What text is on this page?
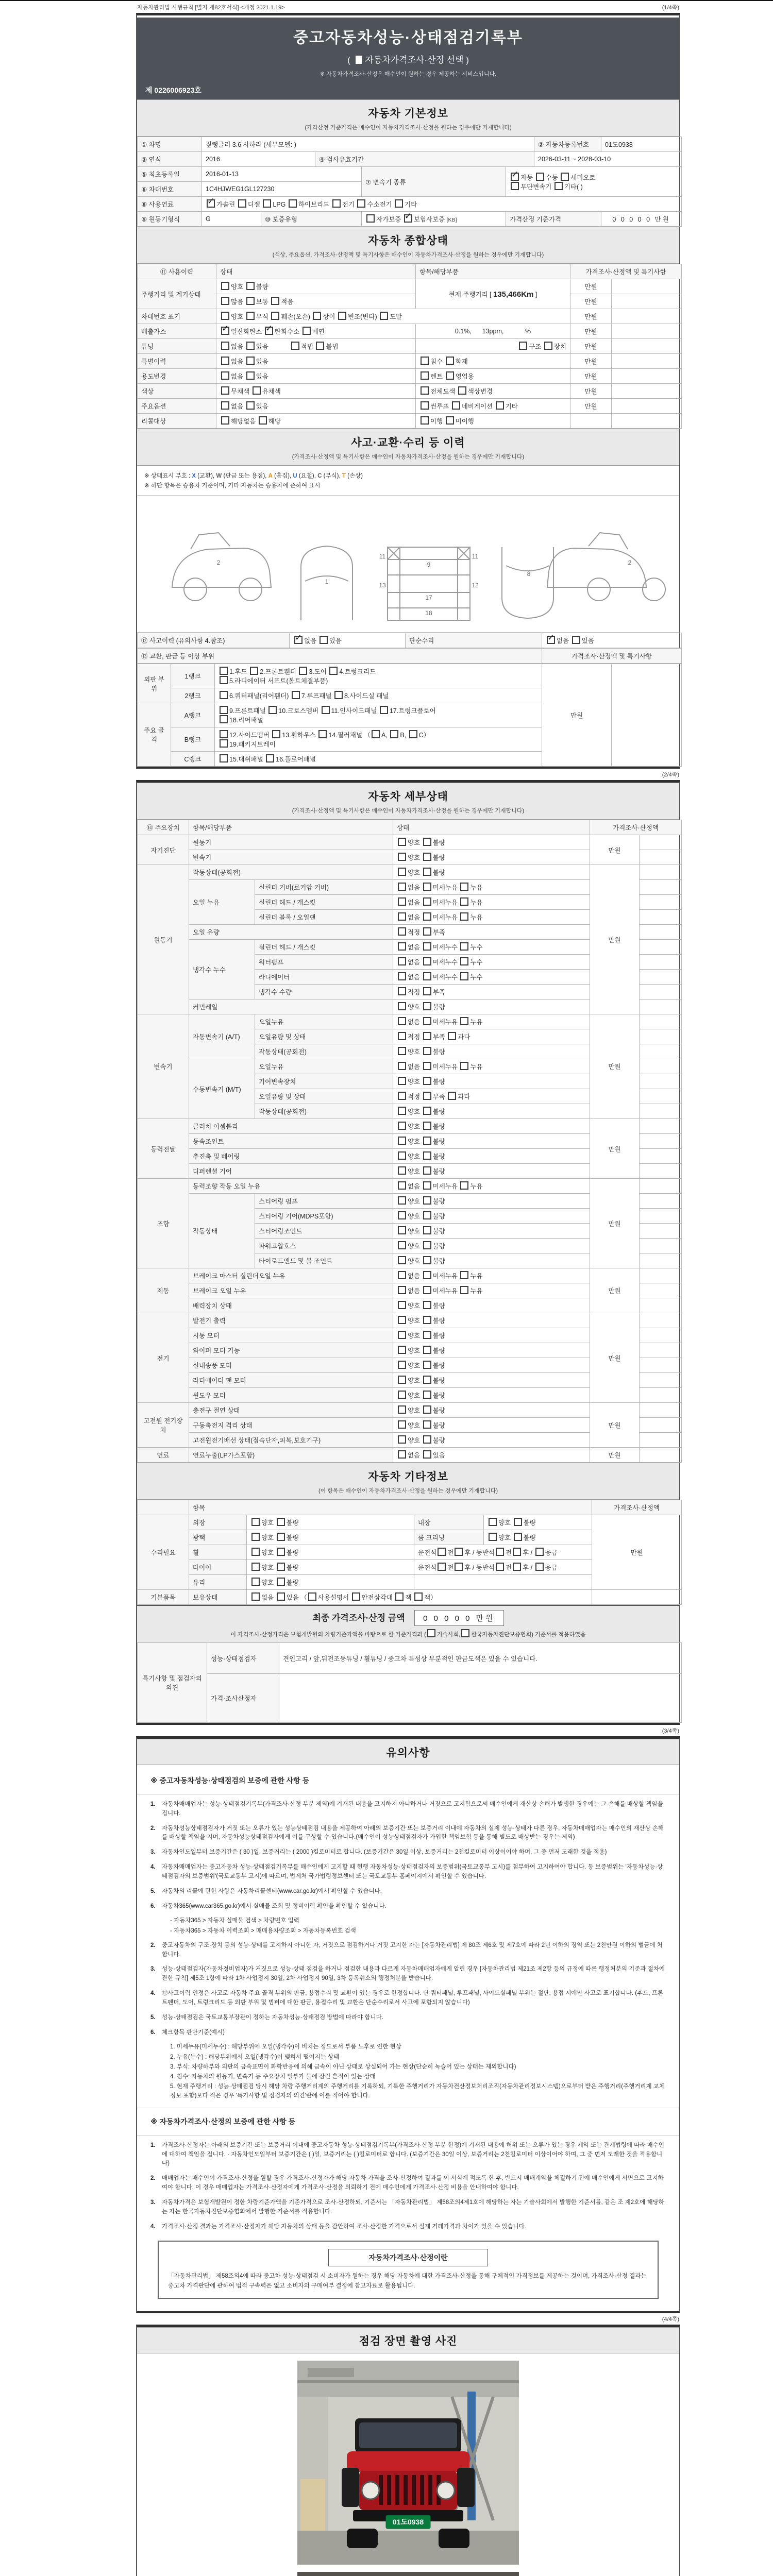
자동차관리법 시행규칙 [별지 제82호서식] <개정 2021.1.19>	(1/4쪽)
중고자동차성능·상태점검기록부
( 자동차가격조사·산정 선택 )
※ 자동차가격조사·산정은 매수인이 원하는 경우 제공하는 서비스입니다.
제 0226006923호
자동차 기본정보
(가격산정 기준가격은 매수인이 자동차가격조사·산정을 원하는 경우에만 기재합니다)
① 차명	짚랭글러 3.6 사하라 (세부모델: )					② 자동차등록번호	01도0938
③ 연식	2016		④ 검사유효기간			2026-03-11 ~ 2028-03-10	
⑤ 최초등록일	2016-01-13			⑦ 변속기 종류	✓ 자동 수동 세미오토
무단변속기 기타( )		
⑥ 차대번호	1C4HJWEG1GL127230						
⑧ 사용연료	✓ 가솔린 디젤 LPG 하이브리드 전기 수소전기 기타						
⑨ 원동기형식	G	⑩ 보증유형		자가보증 ✓ 보험사보증 [KB]	가격산정 기준가격		0 0 0 0 0 만원
자동차 종합상태
(색상, 주요옵션, 가격조사·산정액 및 특기사항은 매수인이 자동차가격조사·산정을 원하는 경우에만 기재합니다)
⑪ 사용이력	상태	항목/해당부품	가격조사·산정액 및 특기사항	
주행거리 및 계기상태	양호 불량	현재 주행거리 [ 135,466Km ]	만원	
	많음 보통 적음		만원	
차대번호 표기	양호 부식 훼손(오손) 상이 변조(변타) 도말		만원	
배출가스	✓ 일산화탄소 ✓ 탄화수소 매연	0.1%,      13ppm,            %	만원	
튜닝	없음 있음 적법 불법	구조 장치	만원	
특별이력	없음 있음	침수 화재	만원	
용도변경	없음 있음	렌트 영업용	만원	
색상	무채색 유채색	전체도색 색상변경	만원	
주요옵션	없음 있음	썬루프 네비게이션 기타	만원	
리콜대상	해당없음 해당	이행 미이행		
사고·교환·수리 등 이력
(가격조사·산정액 및 특기사항은 매수인이 자동차가격조사·산정을 원하는 경우에만 기재합니다)
※ 상태표시 부호 : X (교환), W (판금 또는 용접), A (흠집), U (요철), C (부식), T (손상)
※ 하단 항목은 승용차 기준이며, 기타 자동차는 승용차에 준하여 표시
2
1
11	11
9
13	12
17
18
8
2
⑫ 사고이력 (유의사항 4.참조)	✓ 없음 있음	단순수리	✓ 없음 있음
⑬ 교환, 판금 등 이상 부위	가격조사·산정액 및 특기사항
외판 부위	1랭크	1.후드 2.프론트휀더 3.도어 4.트렁크리드
5.라디에이터 서포트(볼트체결부품)	만원	
	2랭크	6.쿼터패널(리어휀더) 7.루프패널 8.사이드실 패널		
주요 골격	A랭크	9.프론트패널 10.크로스멤버 11.인사이드패널 17.트렁크플로어
18.리어패널		
	B랭크	12.사이드멤버 13.휠하우스 14.필러패널 （ A, B, C）
19.패키지트레이		
	C랭크	15.대쉬패널 16.플로어패널		
(2/4쪽)
자동차 세부상태
(가격조사·산정액 및 특기사항은 매수인이 자동차가격조사·산정을 원하는 경우에만 기재합니다)
⑭ 주요장치	항목/해당부품		상태	가격조사·산정액	
자기진단	원동기		양호 불량	만원	
	변속기		양호 불량		
원동기	작동상태(공회전)		양호 불량	만원	
	오일 누유	실린더 커버(로커암 커버)	없음 미세누유 누유		
		실린더 헤드 / 개스킷	없음 미세누유 누유		
		실린더 블록 / 오일팬	없음 미세누유 누유		
	오일 유량		적정 부족		
	냉각수 누수	실린더 헤드 / 개스킷	없음 미세누수 누수		
		워터펌프	없음 미세누수 누수		
		라디에이터	없음 미세누수 누수		
		냉각수 수량	적정 부족		
	커먼레일		양호 불량		
변속기	자동변속기 (A/T)	오일누유	없음 미세누유 누유	만원	
		오일유량 및 상태	적정 부족 과다		
		작동상태(공회전)	양호 불량		
	수동변속기 (M/T)	오일누유	없음 미세누유 누유		
		기어변속장치	양호 불량		
		오일유량 및 상태	적정 부족 과다		
		작동상태(공회전)	양호 불량		
동력전달	클러치 어셈블리		양호 불량	만원	
	등속조인트		양호 불량		
	추진축 및 베어링		양호 불량		
	디퍼렌셜 기어		양호 불량		
조향	동력조향 작동 오일 누유		없음 미세누유 누유	만원	
	작동상태	스티어링 펌프	양호 불량		
		스티어링 기어(MDPS포함)	양호 불량		
		스티어링조인트	양호 불량		
		파워고압호스	양호 불량		
		타이로드엔드 및 볼 조인트	양호 불량		
제동	브레이크 마스터 실린더오일 누유		없음 미세누유 누유	만원	
	브레이크 오일 누유		없음 미세누유 누유		
	배력장치 상태		양호 불량		
전기	발전기 출력		양호 불량	만원	
	시동 모터		양호 불량		
	와이퍼 모터 기능		양호 불량		
	실내송풍 모터		양호 불량		
	라디에이터 팬 모터		양호 불량		
	윈도우 모터		양호 불량		
고전원 전기장치	충전구 절연 상태		양호 불량	만원	
	구동축전지 격리 상태		양호 불량		
	고전원전기배선 상태(접속단자,피복,보호기구)		양호 불량		
연료	연료누출(LP가스포함)		없음 있음	만원	
자동차 기타정보
(이 항목은 매수인이 자동차가격조사·산정을 원하는 경우에만 기재합니다)
	항목				가격조사·산정액
수리필요	외장	양호 불량	내장	양호 불량	만원
	광택	양호 불량	룸 크리닝	양호 불량	
	휠	양호 불량	운전석 전 후 / 동반석 전 후 / 응급		
	타이어	양호 불량	운전석 전 후 / 동반석 전 후 / 응급		
	유리	양호 불량			
기본품목	보유상태	없음 있음 （ 사용설명서 안전삼각대 잭 잭）			
최종 가격조사·산정 금액 0 0 0 0 0 만원
이 가격조사·산정가격은 보험개발원의 차량기준가액을 바탕으로 한 기준가격과 ( 기술사회, 한국자동차진단보증협회) 기준서를 적용하였음
특기사항 및 점검자의 의견	성능·상태점검자	견인고리 / 앞,뒤전조등튜닝 / 휠튜닝 / 중고차 특성상 부분적인 판금도색은 있을 수 있습니다.
	가격·조사산정자	
(3/4쪽)
유의사항
※ 중고자동차성능·상태점검의 보증에 관한 사항 등
1.	자동차매매업자는 성능·상태점검기록부(가격조사·산정 부분 제외)에 기재된 내용을 고지하지 아니하거나 거짓으로 고지함으로써 매수인에게 재산상 손해가 발생한 경우에는 그 손해를 배상할 책임을 집니다.
2.	자동차성능상태점검자가 거짓 또는 오류가 있는 성능상태점검 내용을 제공하여 아래의 보증기간 또는 보증거리 이내에 자동차의 실제 성능·상태가 다른 경우, 자동차매매업자는 매수인의 재산상 손해를 배상할 책임을 지며, 자동차성능상태점검자에게 이를 구상할 수 있습니다.(매수인이 성능상태점검자가 가입한 책임보험 등을 통해 별도로 배상받는 경우는 제외)
3.	자동차인도일부터 보증기간은 ( 30 )일, 보증거리는 ( 2000 )킬로미터로 합니다. (보증기간은 30일 이상, 보증거리는 2천킬로미터 이상이어야 하며, 그 중 먼저 도래한 것을 적용)
4.	자동차매매업자는 중고자동차 성능·상태점검기록부를 매수인에게 고지할 때 현행 자동차성능·상태점검자의 보증범위(국토교통부 고시)를 첨부하여 고지하여야 합니다. 동 보증범위는 '자동차성능·상태점검자의 보증범위'(국토교통부 고시)에 따르며, 법제처 국가법령정보센터 또는 국토교통부 홈페이지에서 확인할 수 있습니다.
5.	자동차의 리콜에 관한 사항은 자동차리콜센터(www.car.go.kr)에서 확인할 수 있습니다.
6.	자동차365(www.car365.go.kr)에서 실매물 조회 및 정비이력 확인을 확인할 수 있습니다.
- 자동차365 > 자동차 실매물 검색 > 차량번호 입력
- 자동차365 > 자동차 이력조회 > 매매용차량조회 > 자동차등록번호 검색
2.	중고자동차의 구조·장치 등의 성능·상태를 고지하지 아니한 자, 거짓으로 점검하거나 거짓 고지한 자는 [자동차관리법] 제 80조 제6호 및 제7호에 따라 2년 이하의 징역 또는 2천만원 이하의 벌금에 처합니다.
3.	성능·상태점검자(자동차정비업자)가 거짓으로 성능·상태 점검을 하거나 점검한 내용과 다르게 자동차매매업자에게 알린 경우 [자동차관리법 제21조 제2항 등의 규정에 따른 행정처분의 기준과 절차에 관한 규칙] 제5조 1항에 따라 1차 사업정지 30일, 2차 사업정지 90일, 3차 등록취소의 행정처분을 받습니다.
4.	⑫사고이력 인정은 사고로 자동차 주요 골격 부위의 판금, 용접수리 및 교환이 있는 경우로 한정합니다. 단 쿼터패널, 루프패널, 사이드실패널 부위는 절단, 용접 시에만 사고로 표기합니다. (후드, 프론트펜더, 도어, 트렁크리드 등 외판 부위 및 범퍼에 대한 판금, 용접수리 및 교환은 단순수리로서 사고에 포함되지 않습니다)
5.	성능·상태점검은 국토교통부장관이 정하는 자동차성능·상태점검 방법에 따라야 합니다.
6.	체크항목 판단기준(예시)
1. 미세누유(미세누수) : 해당부위에 오일(냉각수)이 비치는 정도로서 부품 노후로 인한 현상
2. 누유(누수) : 해당부위에서 오일(냉각수)이 맺혀서 떨어지는 상태
3. 부식: 차량하부와 외판의 금속표면이 화학반응에 의해 금속이 아닌 상태로 상실되어 가는 현상(단순히 녹슬어 있는 상태는 제외합니다)
4. 침수: 자동차의 원동기, 변속기 등 주요장치 일부가 물에 잠긴 흔적이 있는 상태
5. 현재 주행거리 : 성능·상태점검 당시 해당 차량 주행거리계의 주행거리를 기록하되, 기록한 주행거리가 자동차전산정보처리조직(자동차관리정보시스템)으로부터 받은 주행거리(주행거리계 교체 정보 포함)보다 적은 경우 '특기사항 및 점검자의 의견'란에 이를 적어야 합니다.
※ 자동차가격조사·산정의 보증에 관한 사항 등
1.	가격조사·산정자는 아래의 보증기간 또는 보증거리 이내에 중고자동차 성능·상태점검기록부(가격조사·산정 부분 한정)에 기재된 내용에 허위 또는 오류가 있는 경우 계약 또는 관계법령에 따라 매수인에 대하여 책임을 집니다. · 자동차인도일부터 보증기간은 ( )일, 보증거리는 ( )킬로미터로 합니다. (보증기간은 30일 이상, 보증거리는 2천킬로미터 이상이어야 하며, 그 중 먼저 도래한 것을 적용합니다)
2.	매매업자는 매수인이 가격조사·산정을 원할 경우 가격조사·산정자가 해당 자동차 가격을 조사·산정하여 결과를 이 서식에 적도록 한 후, 반드시 매매계약을 체결하기 전에 매수인에게 서면으로 고지하여야 합니다. 이 경우 매매업자는 가격조사·산정자에게 가격조사·산정을 의뢰하기 전에 매수인에게 가격조사·산정 비용을 안내하여야 합니다.
3.	자동차가격은 보험개발원이 정한 차량기준가액을 기준가격으로 조사·산정하되, 기준서는 「자동차관리법」 제58조의4제1호에 해당하는 자는 기술사회에서 발행한 기준서를, 같은 조 제2호에 해당하는 자는 한국자동차진단보증협회에서 발행한 기준서를 적용합니다.
4.	가격조사·산정 결과는 가격조사·산정자가 해당 자동차의 상태 등을 감안하여 조사·산정한 가격으로서 실제 거래가격과 차이가 있을 수 있습니다.
자동차가격조사·산정이란
「자동차관리법」 제58조의4에 따라 중고차 성능·상태점검 시 소비자가 원하는 경우 해당 자동차에 대한 가격조사·산정을 통해 구체적인 가격정보를 제공하는 것이며, 가격조사·산정 결과는 중고차 가격판단에 관하여 법적 구속력은 없고 소비자의 구매여부 결정에 참고자료로 활용됩니다.
(4/4쪽)
점검 장면 촬영 사진
01도0938
